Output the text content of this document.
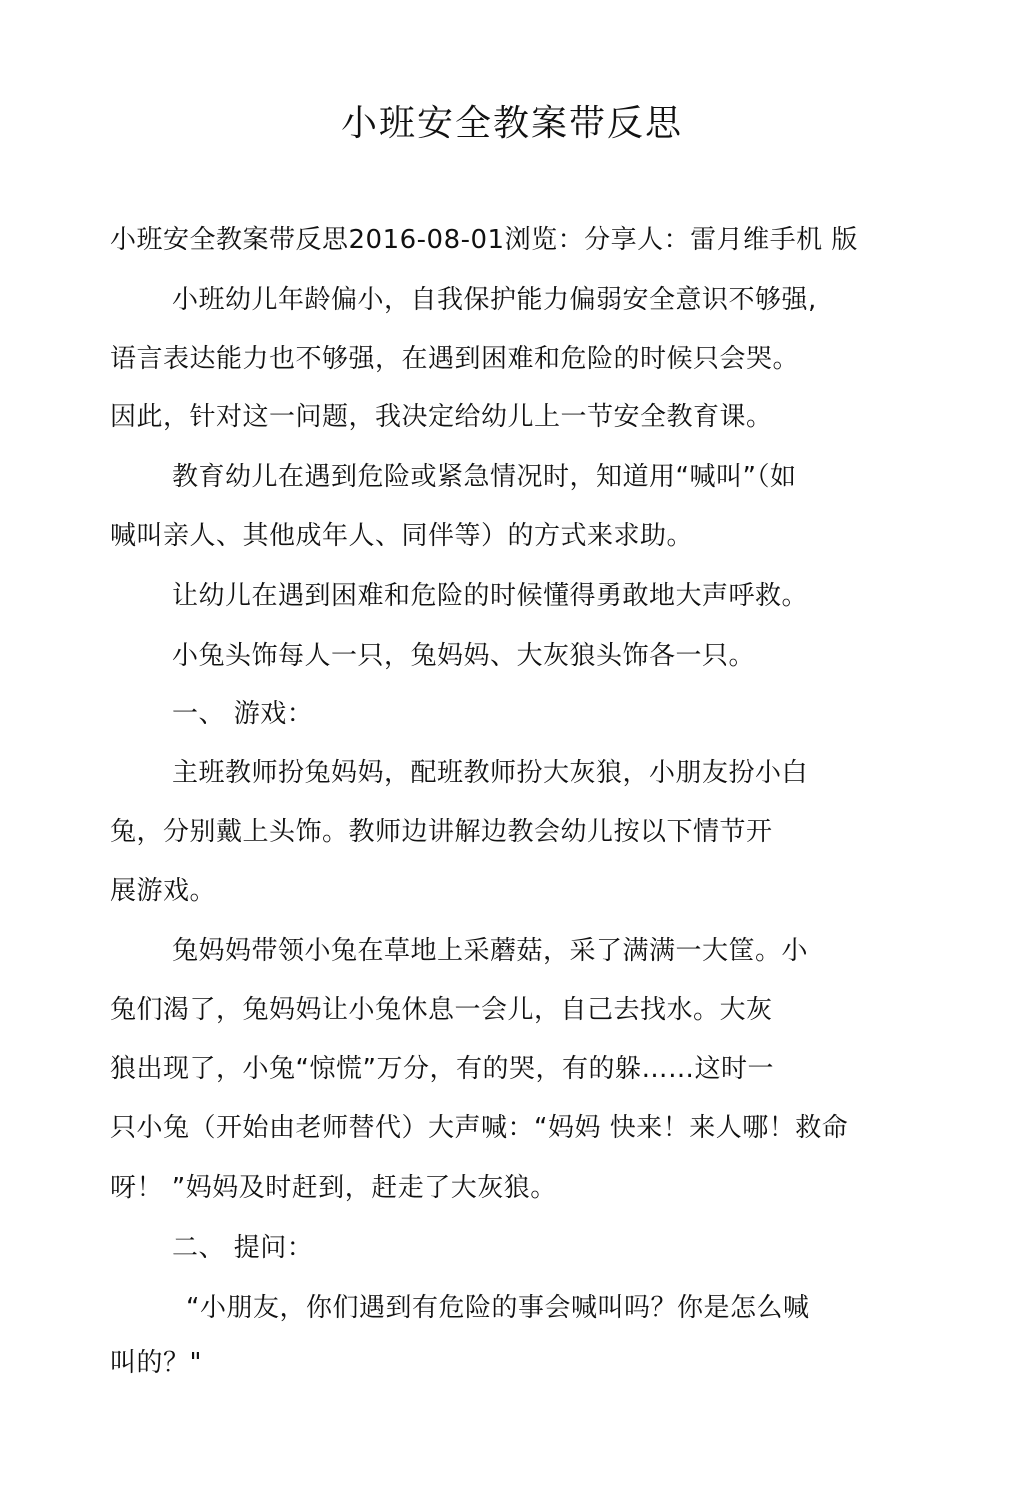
小班安全教案带反思
小班安全教案带反思2016-08-01浏览：分享人：雷月维手机 版
小班幼儿年龄偏小，自我保护能力偏弱安全意识不够强,
语言表达能力也不够强，在遇到困难和危险的时候只会哭。
因此，针对这一问题，我决定给幼儿上一节安全教育课。
教育幼儿在遇到危险或紧急情况时，知道用“喊叫”（如
喊叫亲人、其他成年人、同伴等）的方式来求助。
让幼儿在遇到困难和危险的时候懂得勇敢地大声呼救。
小兔头饰每人一只，兔妈妈、大灰狼头饰各一只。
一、 游戏：
主班教师扮兔妈妈，配班教师扮大灰狼，小朋友扮小白
兔，分别戴上头饰。教师边讲解边教会幼儿按以下情节开
展游戏。
兔妈妈带领小兔在草地上采蘑菇，采了满满一大筐。小
兔们渴了，兔妈妈让小兔休息一会儿，自己去找水。大灰
狼出现了，小兔“惊慌”万分，有的哭，有的躲……这时一
只小兔（开始由老师替代）大声喊：“妈妈 快来！来人哪！救命
呀！ ”妈妈及时赶到，赶走了大灰狼。
二、 提问：
“小朋友，你们遇到有危险的事会喊叫吗？你是怎么喊
叫的？"
